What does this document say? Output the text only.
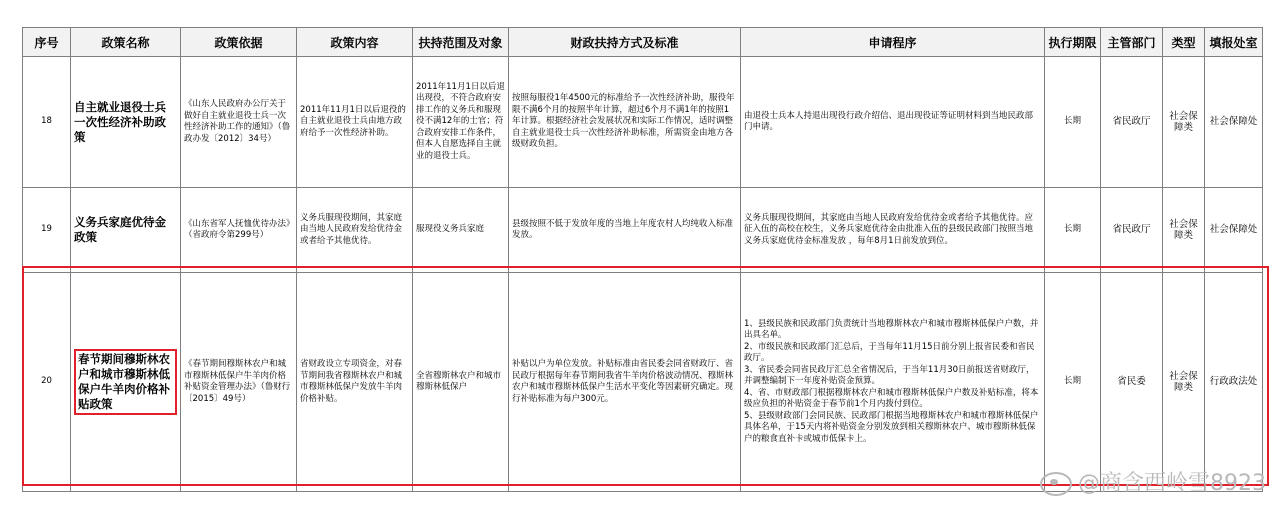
序号	政策名称	政策依据	政策内容	扶持范围及对象	财政扶持方式及标准	申请程序	执行期限	主管部门	类型	填报处室
18	自主就业退役士兵一次性经济补助政策	《山东人民政府办公厅关于做好自主就业退役士兵一次性经济补助工作的通知》（鲁政办发〔2012〕34号）	2011年11月1日以后退役的自主就业退役士兵由地方政府给予一次性经济补助。	2011年11月1日以后退出现役，不符合政府安排工作的义务兵和服现役不满12年的士官；符合政府安排工作条件，但本人自愿选择自主就业的退役士兵。	按照每服役1年4500元的标准给予一次性经济补助，服役年限不满6个月的按照半年计算，超过6个月不满1年的按照1年计算。根据经济社会发展状况和实际工作情况，适时调整自主就业退役士兵一次性经济补助标准，所需资金由地方各级财政负担。	由退役士兵本人持退出现役行政介绍信、退出现役证等证明材料到当地民政部门申请。	长期	省民政厅	社会保障类	社会保障处
19	义务兵家庭优待金政策	《山东省军人抚恤优待办法》（省政府令第299号）	义务兵服现役期间，其家庭由当地人民政府发给优待金或者给予其他优待。	服现役义务兵家庭	县级按照不低于发放年度的当地上年度农村人均纯收入标准发放。	义务兵服现役期间，其家庭由当地人民政府发给优待金或者给予其他优待。应征入伍的高校在校生，义务兵家庭优待金由批准入伍的县级民政部门按照当地义务兵家庭优待金标准发放 ，每年8月1日前发放到位。	长期	省民政厅	社会保障类	社会保障处
20	春节期间穆斯林农户和城市穆斯林低保户牛羊肉价格补贴政策	《春节期间穆斯林农户和城市穆斯林低保户牛羊肉价格补贴资金管理办法》（鲁财行〔2015〕49号）	省财政设立专项资金，对春节期间我省穆斯林农户和城市穆斯林低保户发放牛羊肉价格补贴。	全省穆斯林农户和城市穆斯林低保户	补贴以户为单位发放。补贴标准由省民委会同省财政厅、省民政厅根据每年春节期间我省牛羊肉价格波动情况、穆斯林农户和城市穆斯林低保户生活水平变化等因素研究确定。现行补贴标准为每户300元。	1、县级民族和民政部门负责统计当地穆斯林农户和城市穆斯林低保户户数，并出具名单。
2、市级民族和民政部门汇总后，于当每年11月15日前分别上报省民委和省民政厅。
3、省民委会同省民政厅汇总全省情况后，于当年11月30日前报送省财政厅，并调整编制下一年度补贴资金预算。
4、省、市财政部门根据穆斯林农户和城市穆斯林低保户户数及补贴标准，将本级应负担的补贴资金于春节前1个月内拨付到位。
5、县级财政部门会同民族、民政部门根据当地穆斯林农户和城市穆斯林低保户具体名单，于15天内将补贴资金分别发放到相关穆斯林农户、城市穆斯林低保户的粮食直补卡或城市低保卡上。	长期	省民委	社会保障类	行政政法处
@商含西岭雪8923
